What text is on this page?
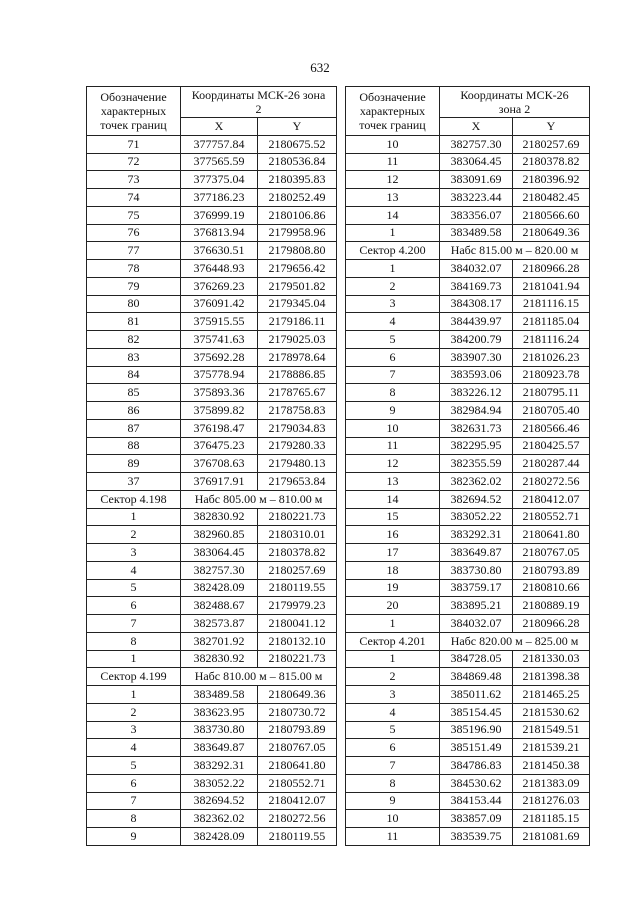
632
Обозначение характерных точек границ	Координаты МСК-26 зона 2	
	X	Y
71	377757.84	2180675.52
72	377565.59	2180536.84
73	377375.04	2180395.83
74	377186.23	2180252.49
75	376999.19	2180106.86
76	376813.94	2179958.96
77	376630.51	2179808.80
78	376448.93	2179656.42
79	376269.23	2179501.82
80	376091.42	2179345.04
81	375915.55	2179186.11
82	375741.63	2179025.03
83	375692.28	2178978.64
84	375778.94	2178886.85
85	375893.36	2178765.67
86	375899.82	2178758.83
87	376198.47	2179034.83
88	376475.23	2179280.33
89	376708.63	2179480.13
37	376917.91	2179653.84
Сектор 4.198	Набс 805.00 м – 810.00 м	
1	382830.92	2180221.73
2	382960.85	2180310.01
3	383064.45	2180378.82
4	382757.30	2180257.69
5	382428.09	2180119.55
6	382488.67	2179979.23
7	382573.87	2180041.12
8	382701.92	2180132.10
1	382830.92	2180221.73
Сектор 4.199	Набс 810.00 м – 815.00 м	
1	383489.58	2180649.36
2	383623.95	2180730.72
3	383730.80	2180793.89
4	383649.87	2180767.05
5	383292.31	2180641.80
6	383052.22	2180552.71
7	382694.52	2180412.07
8	382362.02	2180272.56
9	382428.09	2180119.55
Обозначение характерных точек границ	Координаты МСК-26 зона 2	
	X	Y
10	382757.30	2180257.69
11	383064.45	2180378.82
12	383091.69	2180396.92
13	383223.44	2180482.45
14	383356.07	2180566.60
1	383489.58	2180649.36
Сектор 4.200	Набс 815.00 м – 820.00 м	
1	384032.07	2180966.28
2	384169.73	2181041.94
3	384308.17	2181116.15
4	384439.97	2181185.04
5	384200.79	2181116.24
6	383907.30	2181026.23
7	383593.06	2180923.78
8	383226.12	2180795.11
9	382984.94	2180705.40
10	382631.73	2180566.46
11	382295.95	2180425.57
12	382355.59	2180287.44
13	382362.02	2180272.56
14	382694.52	2180412.07
15	383052.22	2180552.71
16	383292.31	2180641.80
17	383649.87	2180767.05
18	383730.80	2180793.89
19	383759.17	2180810.66
20	383895.21	2180889.19
1	384032.07	2180966.28
Сектор 4.201	Набс 820.00 м – 825.00 м	
1	384728.05	2181330.03
2	384869.48	2181398.38
3	385011.62	2181465.25
4	385154.45	2181530.62
5	385196.90	2181549.51
6	385151.49	2181539.21
7	384786.83	2181450.38
8	384530.62	2181383.09
9	384153.44	2181276.03
10	383857.09	2181185.15
11	383539.75	2181081.69
